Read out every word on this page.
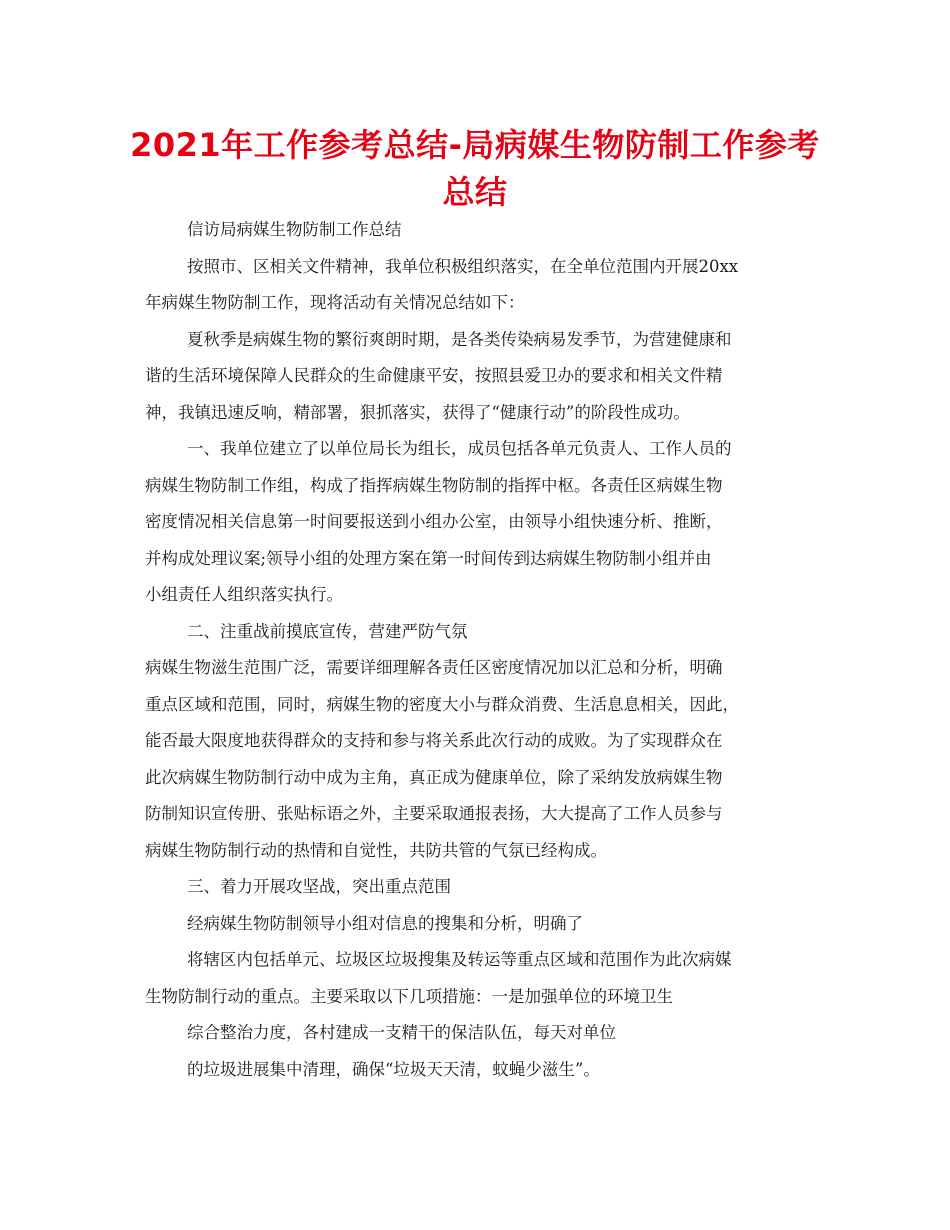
2021年工作参考总结-局病媒生物防制工作参考
总结
信访局病媒生物防制工作总结
按照市、区相关文件精神，我单位积极组织落实，在全单位范围内开展20xx
年病媒生物防制工作，现将活动有关情况总结如下：
夏秋季是病媒生物的繁衍爽朗时期，是各类传染病易发季节，为营建健康和
谐的生活环境保障人民群众的生命健康平安，按照县爱卫办的要求和相关文件精
神，我镇迅速反响，精部署，狠抓落实，获得了“健康行动”的阶段性成功。
一、我单位建立了以单位局长为组长，成员包括各单元负责人、工作人员的
病媒生物防制工作组，构成了指挥病媒生物防制的指挥中枢。各责任区病媒生物
密度情况相关信息第一时间要报送到小组办公室，由领导小组快速分析、推断，
并构成处理议案;领导小组的处理方案在第一时间传到达病媒生物防制小组并由
小组责任人组织落实执行。
二、注重战前摸底宣传，营建严防气氛
病媒生物滋生范围广泛，需要详细理解各责任区密度情况加以汇总和分析，明确
重点区域和范围，同时，病媒生物的密度大小与群众消费、生活息息相关，因此，
能否最大限度地获得群众的支持和参与将关系此次行动的成败。为了实现群众在
此次病媒生物防制行动中成为主角，真正成为健康单位，除了采纳发放病媒生物
防制知识宣传册、张贴标语之外，主要采取通报表扬，大大提高了工作人员参与
病媒生物防制行动的热情和自觉性，共防共管的气氛已经构成。
三、着力开展攻坚战，突出重点范围
经病媒生物防制领导小组对信息的搜集和分析，明确了
将辖区内包括单元、垃圾区垃圾搜集及转运等重点区域和范围作为此次病媒
生物防制行动的重点。主要采取以下几项措施：一是加强单位的环境卫生
综合整治力度，各村建成一支精干的保洁队伍，每天对单位
的垃圾进展集中清理，确保“垃圾天天清，蚊蝇少滋生”。
